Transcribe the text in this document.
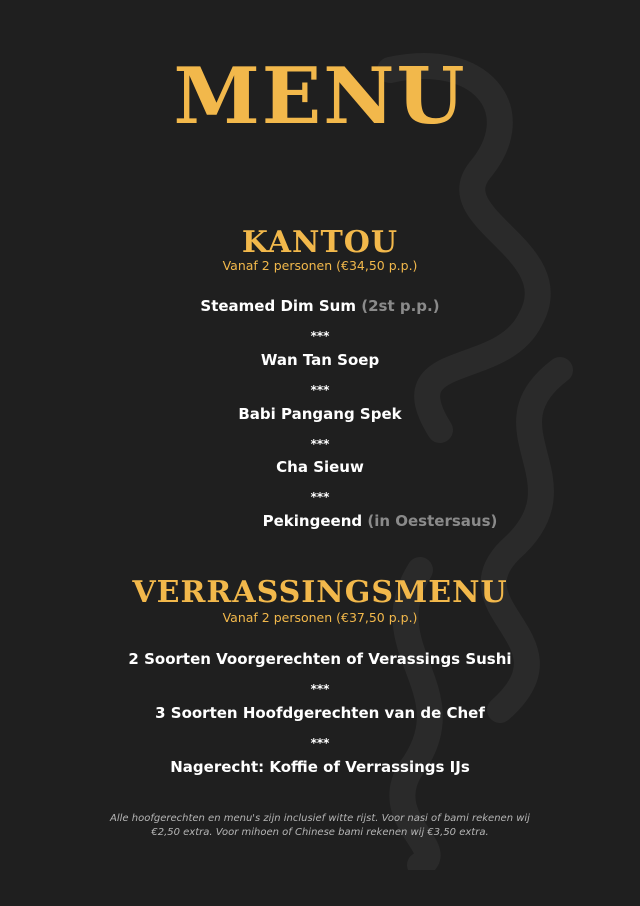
MENU
KANTOU
Vanaf 2 personen (€34,50 p.p.)
Steamed Dim Sum (2st p.p.)
***
Wan Tan Soep
***
Babi Pangang Spek
***
Cha Sieuw
***
Pekingeend (in Oestersaus)
VERRASSINGSMENU
Vanaf 2 personen (€37,50 p.p.)
2 Soorten Voorgerechten of Verassings Sushi
***
3 Soorten Hoofdgerechten van de Chef
***
Nagerecht: Koffie of Verrassings IJs
Alle hoofgerechten en menu's zijn inclusief witte rijst. Voor nasi of bami rekenen wij
€2,50 extra. Voor mihoen of Chinese bami rekenen wij €3,50 extra.
